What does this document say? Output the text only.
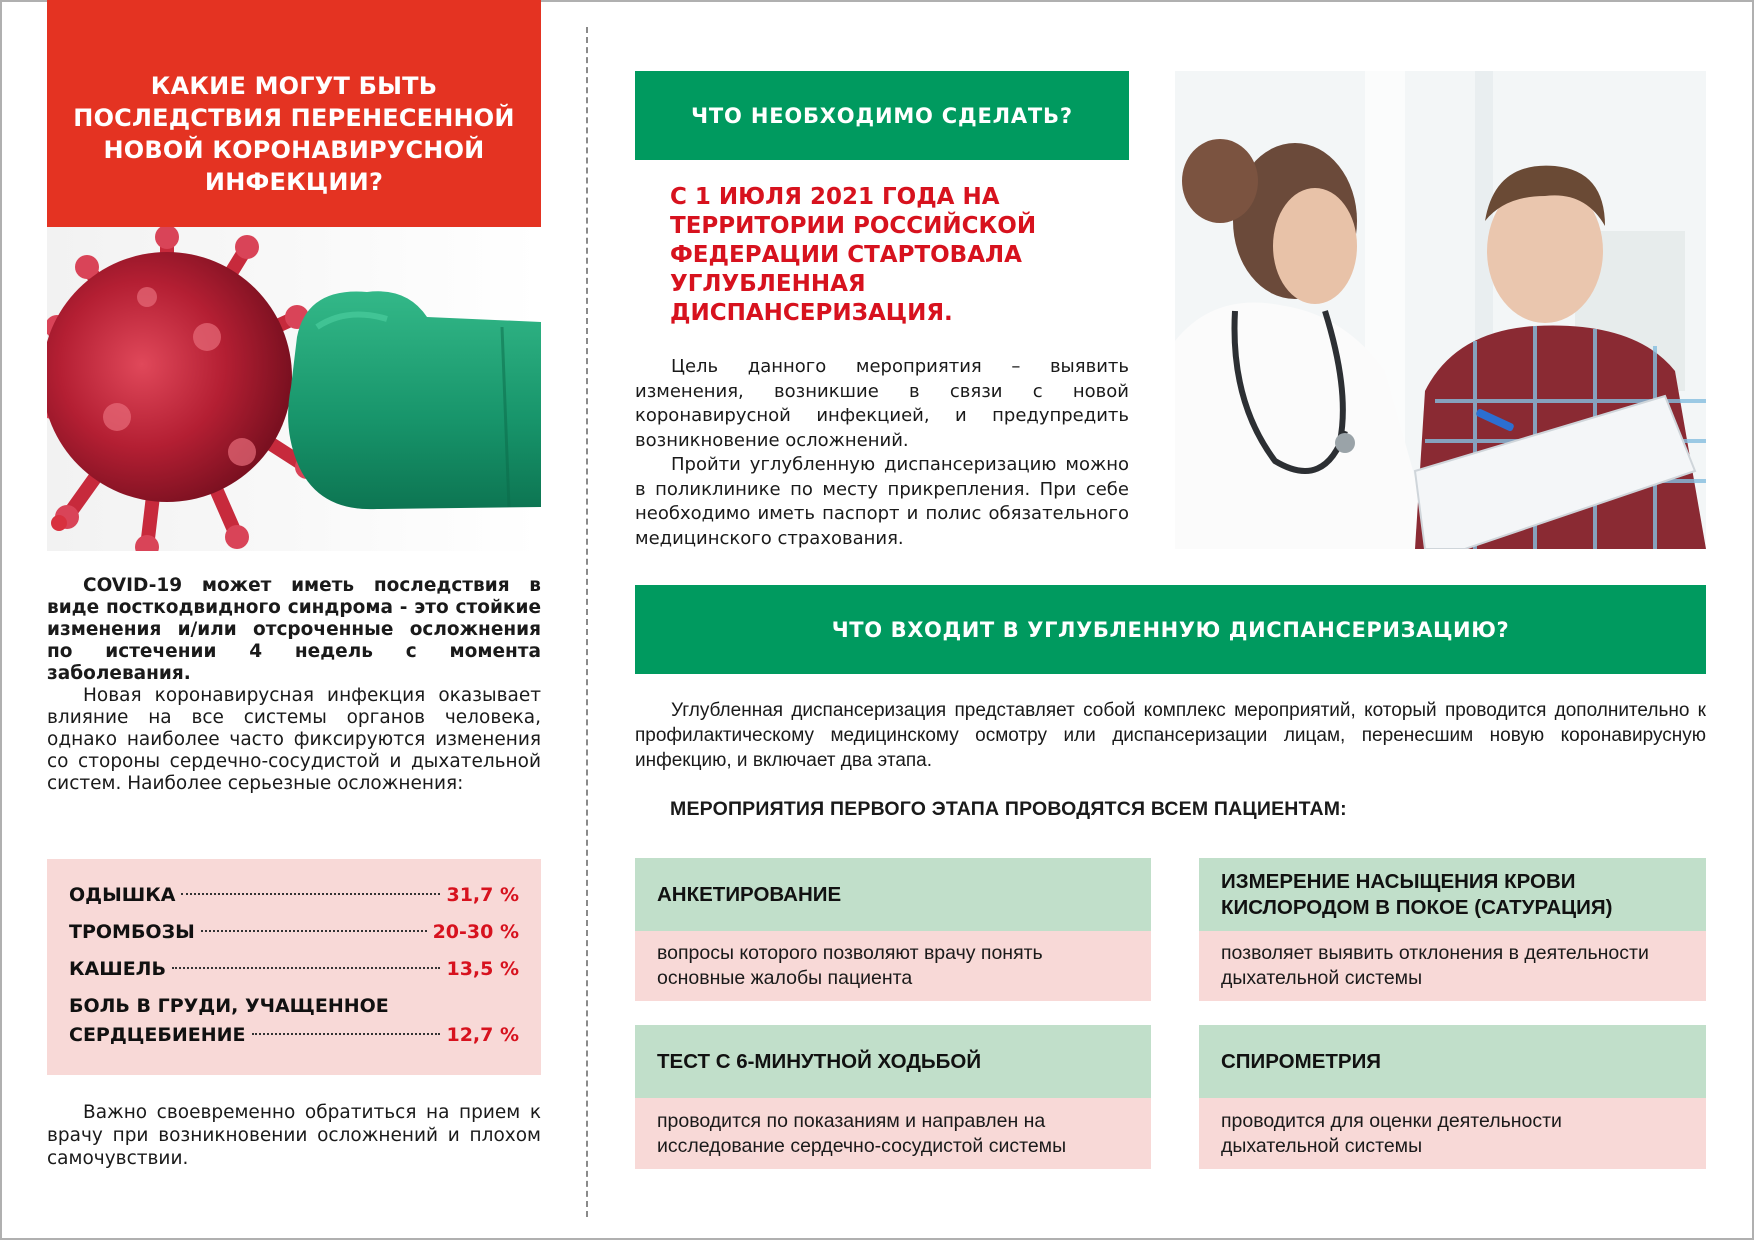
КАКИЕ МОГУТ БЫТЬ ПОСЛЕДСТВИЯ ПЕРЕНЕСЕННОЙ НОВОЙ КОРОНАВИРУСНОЙ ИНФЕКЦИИ?

COVID-19 может иметь последствия в виде посткодвидного синдрома - это стойкие изменения и/или отсроченные осложнения по истечении 4 недель с момента заболевания.

Новая коронавирусная инфекция оказывает влияние на все системы органов человека, однако наиболее часто фиксируются изменения со стороны сердечно-сосудистой и дыхательной систем. Наиболее серьезные осложнения:

ОДЫШКА	31,7 %
ТРОМБОЗЫ	20-30 %
КАШЕЛЬ	13,5 %
БОЛЬ В ГРУДИ, УЧАЩЕННОЕ
СЕРДЦЕБИЕНИЕ	12,7 %

Важно своевременно обратиться на прием к врачу при возникновении осложнений и плохом самочувствии.

ЧТО НЕОБХОДИМО СДЕЛАТЬ?
С 1 ИЮЛЯ 2021 ГОДА НА ТЕРРИТОРИИ РОССИЙСКОЙ ФЕДЕРАЦИИ СТАРТОВАЛА УГЛУБЛЕННАЯ ДИСПАНСЕРИЗАЦИЯ.

Цель данного мероприятия – выявить изменения, возникшие в связи с новой коронавирусной инфекцией, и предупредить возникновение осложнений.

Пройти углубленную диспансеризацию можно в поликлинике по месту прикрепления. При себе необходимо иметь паспорт и полис обязательного медицинского страхования.

ЧТО ВХОДИТ В УГЛУБЛЕННУЮ ДИСПАНСЕРИЗАЦИЮ?

Углубленная диспансеризация представляет собой комплекс мероприятий, который проводится дополнительно к профилактическому медицинскому осмотру или диспансеризации лицам, перенесшим новую коронавирусную инфекцию, и включает два этапа.

МЕРОПРИЯТИЯ ПЕРВОГО ЭТАПА ПРОВОДЯТСЯ ВСЕМ ПАЦИЕНТАМ:
АНКЕТИРОВАНИЕ
вопросы которого позволяют врачу понять основные жалобы пациента
ИЗМЕРЕНИЕ НАСЫЩЕНИЯ КРОВИ КИСЛОРОДОМ В ПОКОЕ (САТУРАЦИЯ)
позволяет выявить отклонения в деятельности дыхательной системы
ТЕСТ С 6-МИНУТНОЙ ХОДЬБОЙ
проводится по показаниям и направлен на исследование сердечно-сосудистой системы
СПИРОМЕТРИЯ
проводится для оценки деятельности дыхательной системы
